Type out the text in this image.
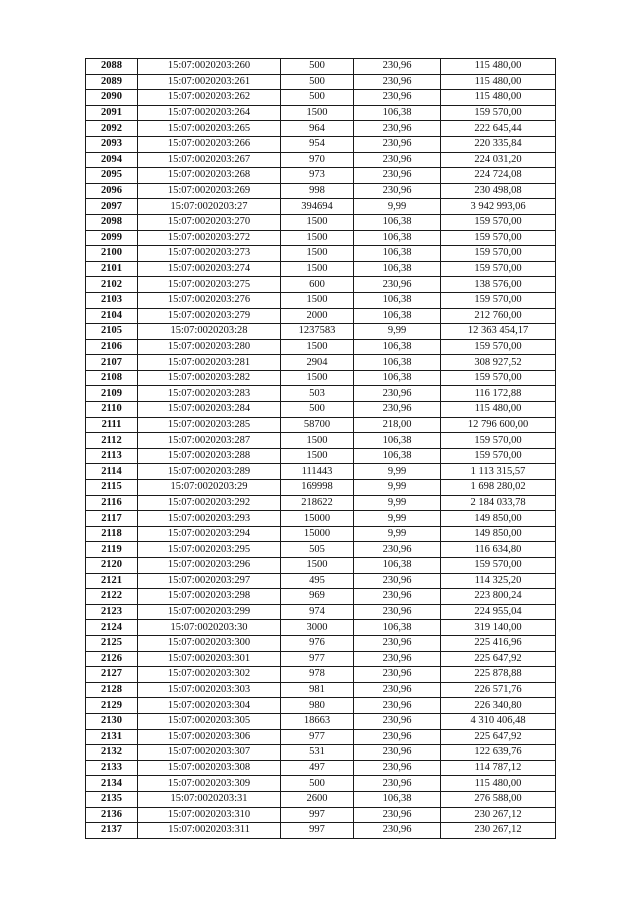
2088	15:07:0020203:260	500	230,96	115 480,00
2089	15:07:0020203:261	500	230,96	115 480,00
2090	15:07:0020203:262	500	230,96	115 480,00
2091	15:07:0020203:264	1500	106,38	159 570,00
2092	15:07:0020203:265	964	230,96	222 645,44
2093	15:07:0020203:266	954	230,96	220 335,84
2094	15:07:0020203:267	970	230,96	224 031,20
2095	15:07:0020203:268	973	230,96	224 724,08
2096	15:07:0020203:269	998	230,96	230 498,08
2097	15:07:0020203:27	394694	9,99	3 942 993,06
2098	15:07:0020203:270	1500	106,38	159 570,00
2099	15:07:0020203:272	1500	106,38	159 570,00
2100	15:07:0020203:273	1500	106,38	159 570,00
2101	15:07:0020203:274	1500	106,38	159 570,00
2102	15:07:0020203:275	600	230,96	138 576,00
2103	15:07:0020203:276	1500	106,38	159 570,00
2104	15:07:0020203:279	2000	106,38	212 760,00
2105	15:07:0020203:28	1237583	9,99	12 363 454,17
2106	15:07:0020203:280	1500	106,38	159 570,00
2107	15:07:0020203:281	2904	106,38	308 927,52
2108	15:07:0020203:282	1500	106,38	159 570,00
2109	15:07:0020203:283	503	230,96	116 172,88
2110	15:07:0020203:284	500	230,96	115 480,00
2111	15:07:0020203:285	58700	218,00	12 796 600,00
2112	15:07:0020203:287	1500	106,38	159 570,00
2113	15:07:0020203:288	1500	106,38	159 570,00
2114	15:07:0020203:289	111443	9,99	1 113 315,57
2115	15:07:0020203:29	169998	9,99	1 698 280,02
2116	15:07:0020203:292	218622	9,99	2 184 033,78
2117	15:07:0020203:293	15000	9,99	149 850,00
2118	15:07:0020203:294	15000	9,99	149 850,00
2119	15:07:0020203:295	505	230,96	116 634,80
2120	15:07:0020203:296	1500	106,38	159 570,00
2121	15:07:0020203:297	495	230,96	114 325,20
2122	15:07:0020203:298	969	230,96	223 800,24
2123	15:07:0020203:299	974	230,96	224 955,04
2124	15:07:0020203:30	3000	106,38	319 140,00
2125	15:07:0020203:300	976	230,96	225 416,96
2126	15:07:0020203:301	977	230,96	225 647,92
2127	15:07:0020203:302	978	230,96	225 878,88
2128	15:07:0020203:303	981	230,96	226 571,76
2129	15:07:0020203:304	980	230,96	226 340,80
2130	15:07:0020203:305	18663	230,96	4 310 406,48
2131	15:07:0020203:306	977	230,96	225 647,92
2132	15:07:0020203:307	531	230,96	122 639,76
2133	15:07:0020203:308	497	230,96	114 787,12
2134	15:07:0020203:309	500	230,96	115 480,00
2135	15:07:0020203:31	2600	106,38	276 588,00
2136	15:07:0020203:310	997	230,96	230 267,12
2137	15:07:0020203:311	997	230,96	230 267,12
